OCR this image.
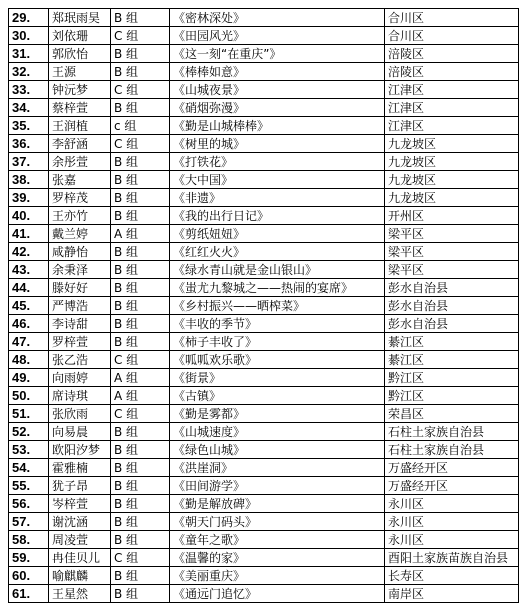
29.	郑珉雨昊	B 组	《密林深处》	合川区
30.	刘依珊	C 组	《田园风光》	合川区
31.	郭欣怡	B 组	《这一刻“在重庆”》	涪陵区
32.	王源	B 组	《棒棒如意》	涪陵区
33.	钟沅梦	C 组	《山城夜景》	江津区
34.	蔡梓萱	B 组	《硝烟弥漫》	江津区
35.	王润植	c 组	《勤是山城棒棒》	江津区
36.	李舒涵	C 组	《树里的城》	九龙坡区
37.	余彤萱	B 组	《打铁花》	九龙坡区
38.	张嘉	B 组	《大中国》	九龙坡区
39.	罗梓茂	B 组	《非遗》	九龙坡区
40.	王亦竹	B 组	《我的出行日记》	开州区
41.	戴兰婷	A 组	《剪纸妞妞》	梁平区
42.	咸静怡	B 组	《红红火火》	梁平区
43.	余秉泽	B 组	《绿水青山就是金山银山》	梁平区
44.	滕好好	B 组	《蚩尤九黎城之——热闹的宴席》	彭水自治县
45.	严博浩	B 组	《乡村振兴——晒榨菜》	彭水自治县
46.	李诗甜	B 组	《丰收的季节》	彭水自治县
47.	罗梓萱	B 组	《柿子丰收了》	綦江区
48.	张乙浩	C 组	《呱呱欢乐歌》	綦江区
49.	向雨婷	A 组	《街景》	黔江区
50.	席诗琪	A 组	《古镇》	黔江区
51.	张欣雨	C 组	《勤是雾都》	荣昌区
52.	向易晨	B 组	《山城速度》	石柱土家族自治县
53.	欧阳汐梦	B 组	《绿色山城》	石柱土家族自治县
54.	霍雅楠	B 组	《洪崖洞》	万盛经开区
55.	犹子昂	B 组	《田间游学》	万盛经开区
56.	岑梓萱	B 组	《勤是解放碑》	永川区
57.	谢沈涵	B 组	《朝天门码头》	永川区
58.	周凌萱	B 组	《童年之歌》	永川区
59.	冉佳贝儿	C 组	《温馨的家》	酉阳土家族苗族自治县
60.	喻麒麟	B 组	《美丽重庆》	长寿区
61.	王星然	B 组	《通远门追忆》	南岸区
